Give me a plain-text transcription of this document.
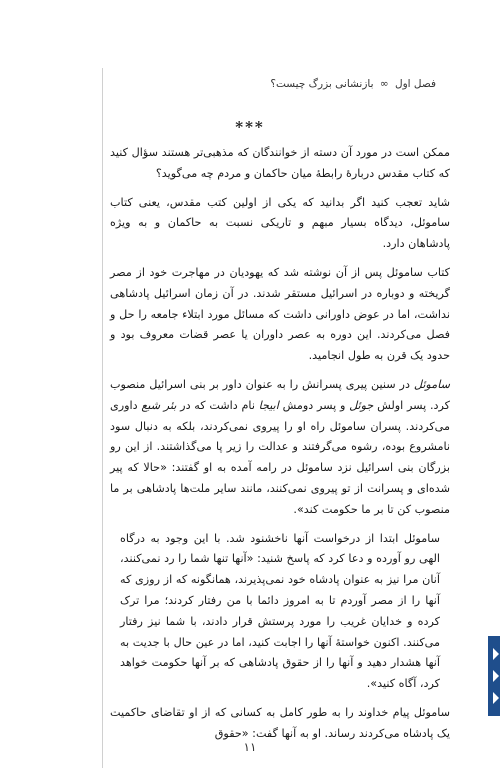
فصل اول ∞ بازنشانی بزرگ چیست؟
***

ممکن است در مورد آن دسته از خوانندگان که مذهبی‌تر هستند سؤال کنید که کتاب مقدس دربارهٔ رابطهٔ میان حاکمان و مردم چه می‌گوید؟

شاید تعجب کنید اگر بدانید که یکی از اولین کتب مقدس، یعنی کتاب ساموئل، دیدگاه بسیار مبهم و تاریکی نسبت به حاکمان و به ویژه پادشاهان دارد.

کتاب ساموئل پس از آن نوشته شد که یهودیان در مهاجرت خود از مصر گریخته و دوباره در اسرائیل مستقر شدند. در آن زمان اسرائیل پادشاهی نداشت، اما در عوض داورانی داشت که مسائل مورد ابتلاء جامعه را حل و فصل می‌کردند. این دوره به عصر داوران یا عصر قضات معروف بود و حدود یک قرن به طول انجامید.

ساموئل در سنین پیری پسرانش را به عنوان داور بر بنی اسرائیل منصوب کرد. پسر اولش جوئل و پسر دومش ابیجا نام داشت که در بئر شبع داوری می‌کردند. پسران ساموئل راه او را پیروی نمی‌کردند، بلکه به دنبال سود نامشروع بوده، رشوه می‌گرفتند و عدالت را زیر پا می‌گذاشتند. از این رو بزرگان بنی اسرائیل نزد ساموئل در رامه آمده به او گفتند: «حالا که پیر شده‌ای و پسرانت از تو پیروی نمی‌کنند، مانند سایر ملت‌ها پادشاهی بر ما منصوب کن تا بر ما حکومت کند».

ساموئل ابتدا از درخواست آنها ناخشنود شد. با این وجود به درگاه الهی رو آورده و دعا کرد که پاسخ شنید: «آنها تنها شما را رد نمی‌کنند، آنان مرا نیز به عنوان پادشاه خود نمی‌پذیرند، همانگونه که از روزی که آنها را از مصر آوردم تا به امروز دائما با من رفتار کردند؛ مرا ترک کرده و خدایان غریب را مورد پرستش قرار دادند، با شما نیز رفتار می‌کنند. اکنون خواستهٔ آنها را اجابت کنید، اما در عین حال با جدیت به آنها هشدار دهید و آنها را از حقوق پادشاهی که بر آنها حکومت خواهد کرد، آگاه کنید».

ساموئل پیام خداوند را به طور کامل به کسانی که از او تقاضای حاکمیت یک پادشاه می‌کردند رساند. او به آنها گفت: «حقوق

۱۱
